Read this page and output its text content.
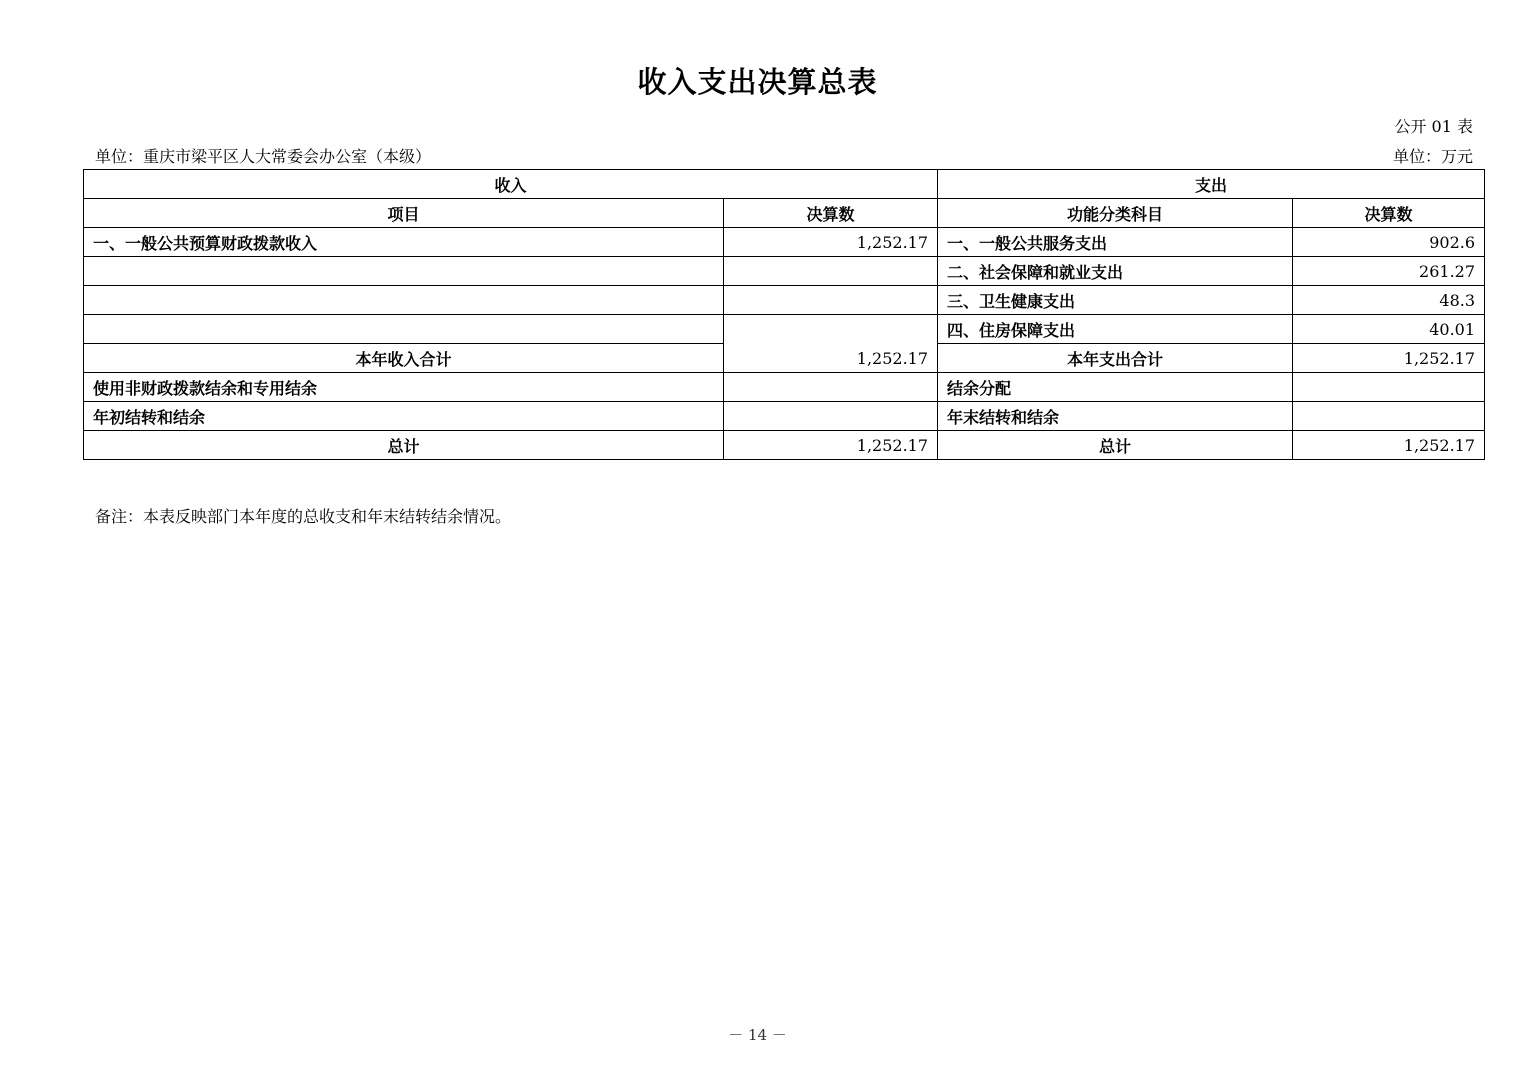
收入支出决算总表
公开 01 表
单位：重庆市梁平区人大常委会办公室（本级）	单位：万元
收入		支出	
项目	决算数	功能分类科目	决算数
一、一般公共预算财政拨款收入	1,252.17	一、一般公共服务支出	902.6
		二、社会保障和就业支出	261.27
		三、卫生健康支出	48.3
	1,252.17	四、住房保障支出	40.01
本年收入合计		本年支出合计	1,252.17
使用非财政拨款结余和专用结余		结余分配	
年初结转和结余		年末结转和结余	
总计	1,252.17	总计	1,252.17
备注：本表反映部门本年度的总收支和年末结转结余情况。
－ 14 －
